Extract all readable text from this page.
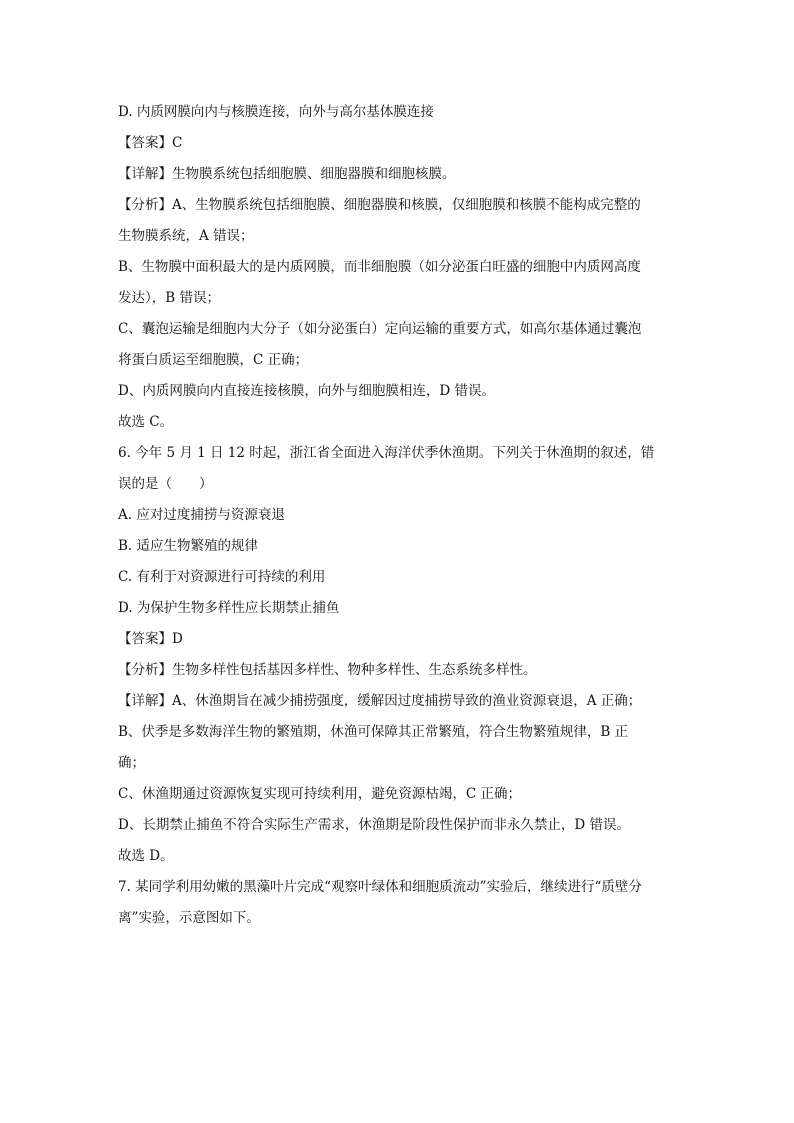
D. 内质网膜向内与核膜连接，向外与高尔基体膜连接
【答案】C
【详解】生物膜系统包括细胞膜、细胞器膜和细胞核膜。
【分析】A、生物膜系统包括细胞膜、细胞器膜和核膜，仅细胞膜和核膜不能构成完整的
生物膜系统，A 错误；
B、生物膜中面积最大的是内质网膜，而非细胞膜（如分泌蛋白旺盛的细胞中内质网高度
发达），B 错误；
C、囊泡运输是细胞内大分子（如分泌蛋白）定向运输的重要方式，如高尔基体通过囊泡
将蛋白质运至细胞膜，C 正确；
D、内质网膜向内直接连接核膜，向外与细胞膜相连，D 错误。
故选 C。
6. 今年 5 月 1 日 12 时起，浙江省全面进入海洋伏季休渔期。下列关于休渔期的叙述，错
误的是（　　）
A. 应对过度捕捞与资源衰退
B. 适应生物繁殖的规律
C. 有利于对资源进行可持续的利用
D. 为保护生物多样性应长期禁止捕鱼
【答案】D
【分析】生物多样性包括基因多样性、物种多样性、生态系统多样性。
【详解】A、休渔期旨在减少捕捞强度，缓解因过度捕捞导致的渔业资源衰退，A 正确；
B、伏季是多数海洋生物的繁殖期，休渔可保障其正常繁殖，符合生物繁殖规律，B 正
确；
C、休渔期通过资源恢复实现可持续利用，避免资源枯竭，C 正确；
D、长期禁止捕鱼不符合实际生产需求，休渔期是阶段性保护而非永久禁止，D 错误。
故选 D。
7. 某同学利用幼嫩的黑藻叶片完成“观察叶绿体和细胞质流动”实验后，继续进行“质壁分
离”实验，示意图如下。
